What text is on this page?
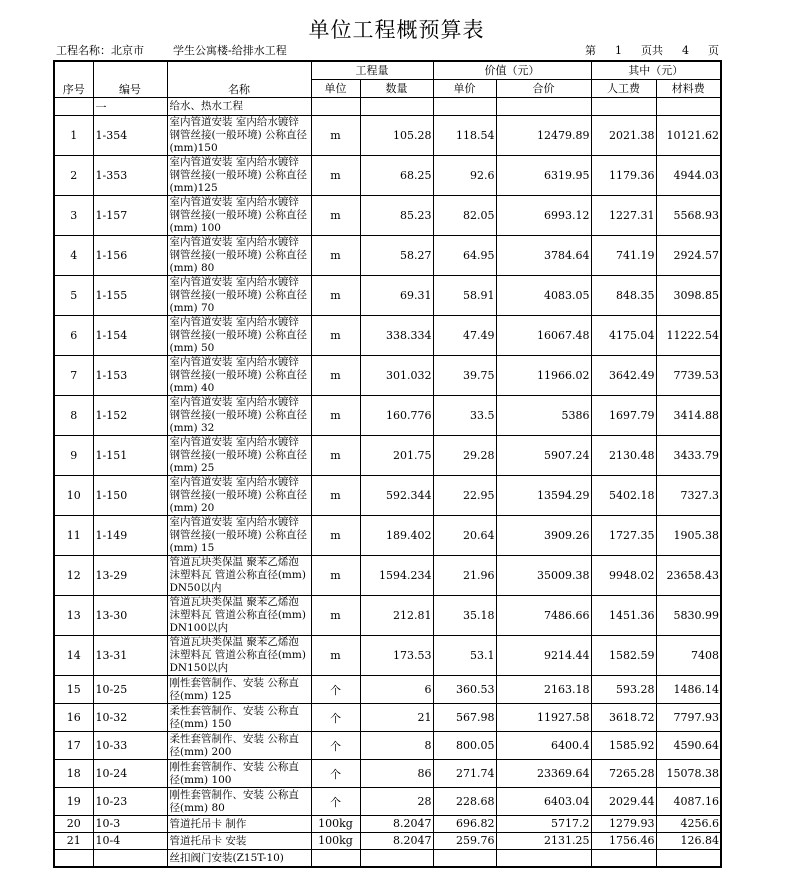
单位工程概预算表
工程名称：北京市	学生公寓楼-给排水工程	第 1 页共 4 页
序号	编号	名称	工程量		价值（元）		其中（元）	
			单位	数量	单价	合价	人工费	材料费
	一	给水、热水工程						
1	1-354	室内管道安装 室内给水镀锌钢管丝接(一般环境) 公称直径(mm)150	m	105.28	118.54	12479.89	2021.38	10121.62
2	1-353	室内管道安装 室内给水镀锌钢管丝接(一般环境) 公称直径(mm)125	m	68.25	92.6	6319.95	1179.36	4944.03
3	1-157	室内管道安装 室内给水镀锌钢管丝接(一般环境) 公称直径(mm) 100	m	85.23	82.05	6993.12	1227.31	5568.93
4	1-156	室内管道安装 室内给水镀锌钢管丝接(一般环境) 公称直径(mm) 80	m	58.27	64.95	3784.64	741.19	2924.57
5	1-155	室内管道安装 室内给水镀锌钢管丝接(一般环境) 公称直径(mm) 70	m	69.31	58.91	4083.05	848.35	3098.85
6	1-154	室内管道安装 室内给水镀锌钢管丝接(一般环境) 公称直径(mm) 50	m	338.334	47.49	16067.48	4175.04	11222.54
7	1-153	室内管道安装 室内给水镀锌钢管丝接(一般环境) 公称直径(mm) 40	m	301.032	39.75	11966.02	3642.49	7739.53
8	1-152	室内管道安装 室内给水镀锌钢管丝接(一般环境) 公称直径(mm) 32	m	160.776	33.5	5386	1697.79	3414.88
9	1-151	室内管道安装 室内给水镀锌钢管丝接(一般环境) 公称直径(mm) 25	m	201.75	29.28	5907.24	2130.48	3433.79
10	1-150	室内管道安装 室内给水镀锌钢管丝接(一般环境) 公称直径(mm) 20	m	592.344	22.95	13594.29	5402.18	7327.3
11	1-149	室内管道安装 室内给水镀锌钢管丝接(一般环境) 公称直径(mm) 15	m	189.402	20.64	3909.26	1727.35	1905.38
12	13-29	管道瓦块类保温 聚苯乙烯泡沫塑料瓦 管道公称直径(mm) DN50以内	m	1594.234	21.96	35009.38	9948.02	23658.43
13	13-30	管道瓦块类保温 聚苯乙烯泡沫塑料瓦 管道公称直径(mm) DN100以内	m	212.81	35.18	7486.66	1451.36	5830.99
14	13-31	管道瓦块类保温 聚苯乙烯泡沫塑料瓦 管道公称直径(mm) DN150以内	m	173.53	53.1	9214.44	1582.59	7408
15	10-25	刚性套管制作、安装 公称直径(mm) 125	个	6	360.53	2163.18	593.28	1486.14
16	10-32	柔性套管制作、安装 公称直径(mm) 150	个	21	567.98	11927.58	3618.72	7797.93
17	10-33	柔性套管制作、安装 公称直径(mm) 200	个	8	800.05	6400.4	1585.92	4590.64
18	10-24	刚性套管制作、安装 公称直径(mm) 100	个	86	271.74	23369.64	7265.28	15078.38
19	10-23	刚性套管制作、安装 公称直径(mm) 80	个	28	228.68	6403.04	2029.44	4087.16
20	10-3	管道托吊卡 制作	100kg	8.2047	696.82	5717.2	1279.93	4256.6
21	10-4	管道托吊卡 安装	100kg	8.2047	259.76	2131.25	1756.46	126.84
		丝扣阀门安装(Z15T-10)						
